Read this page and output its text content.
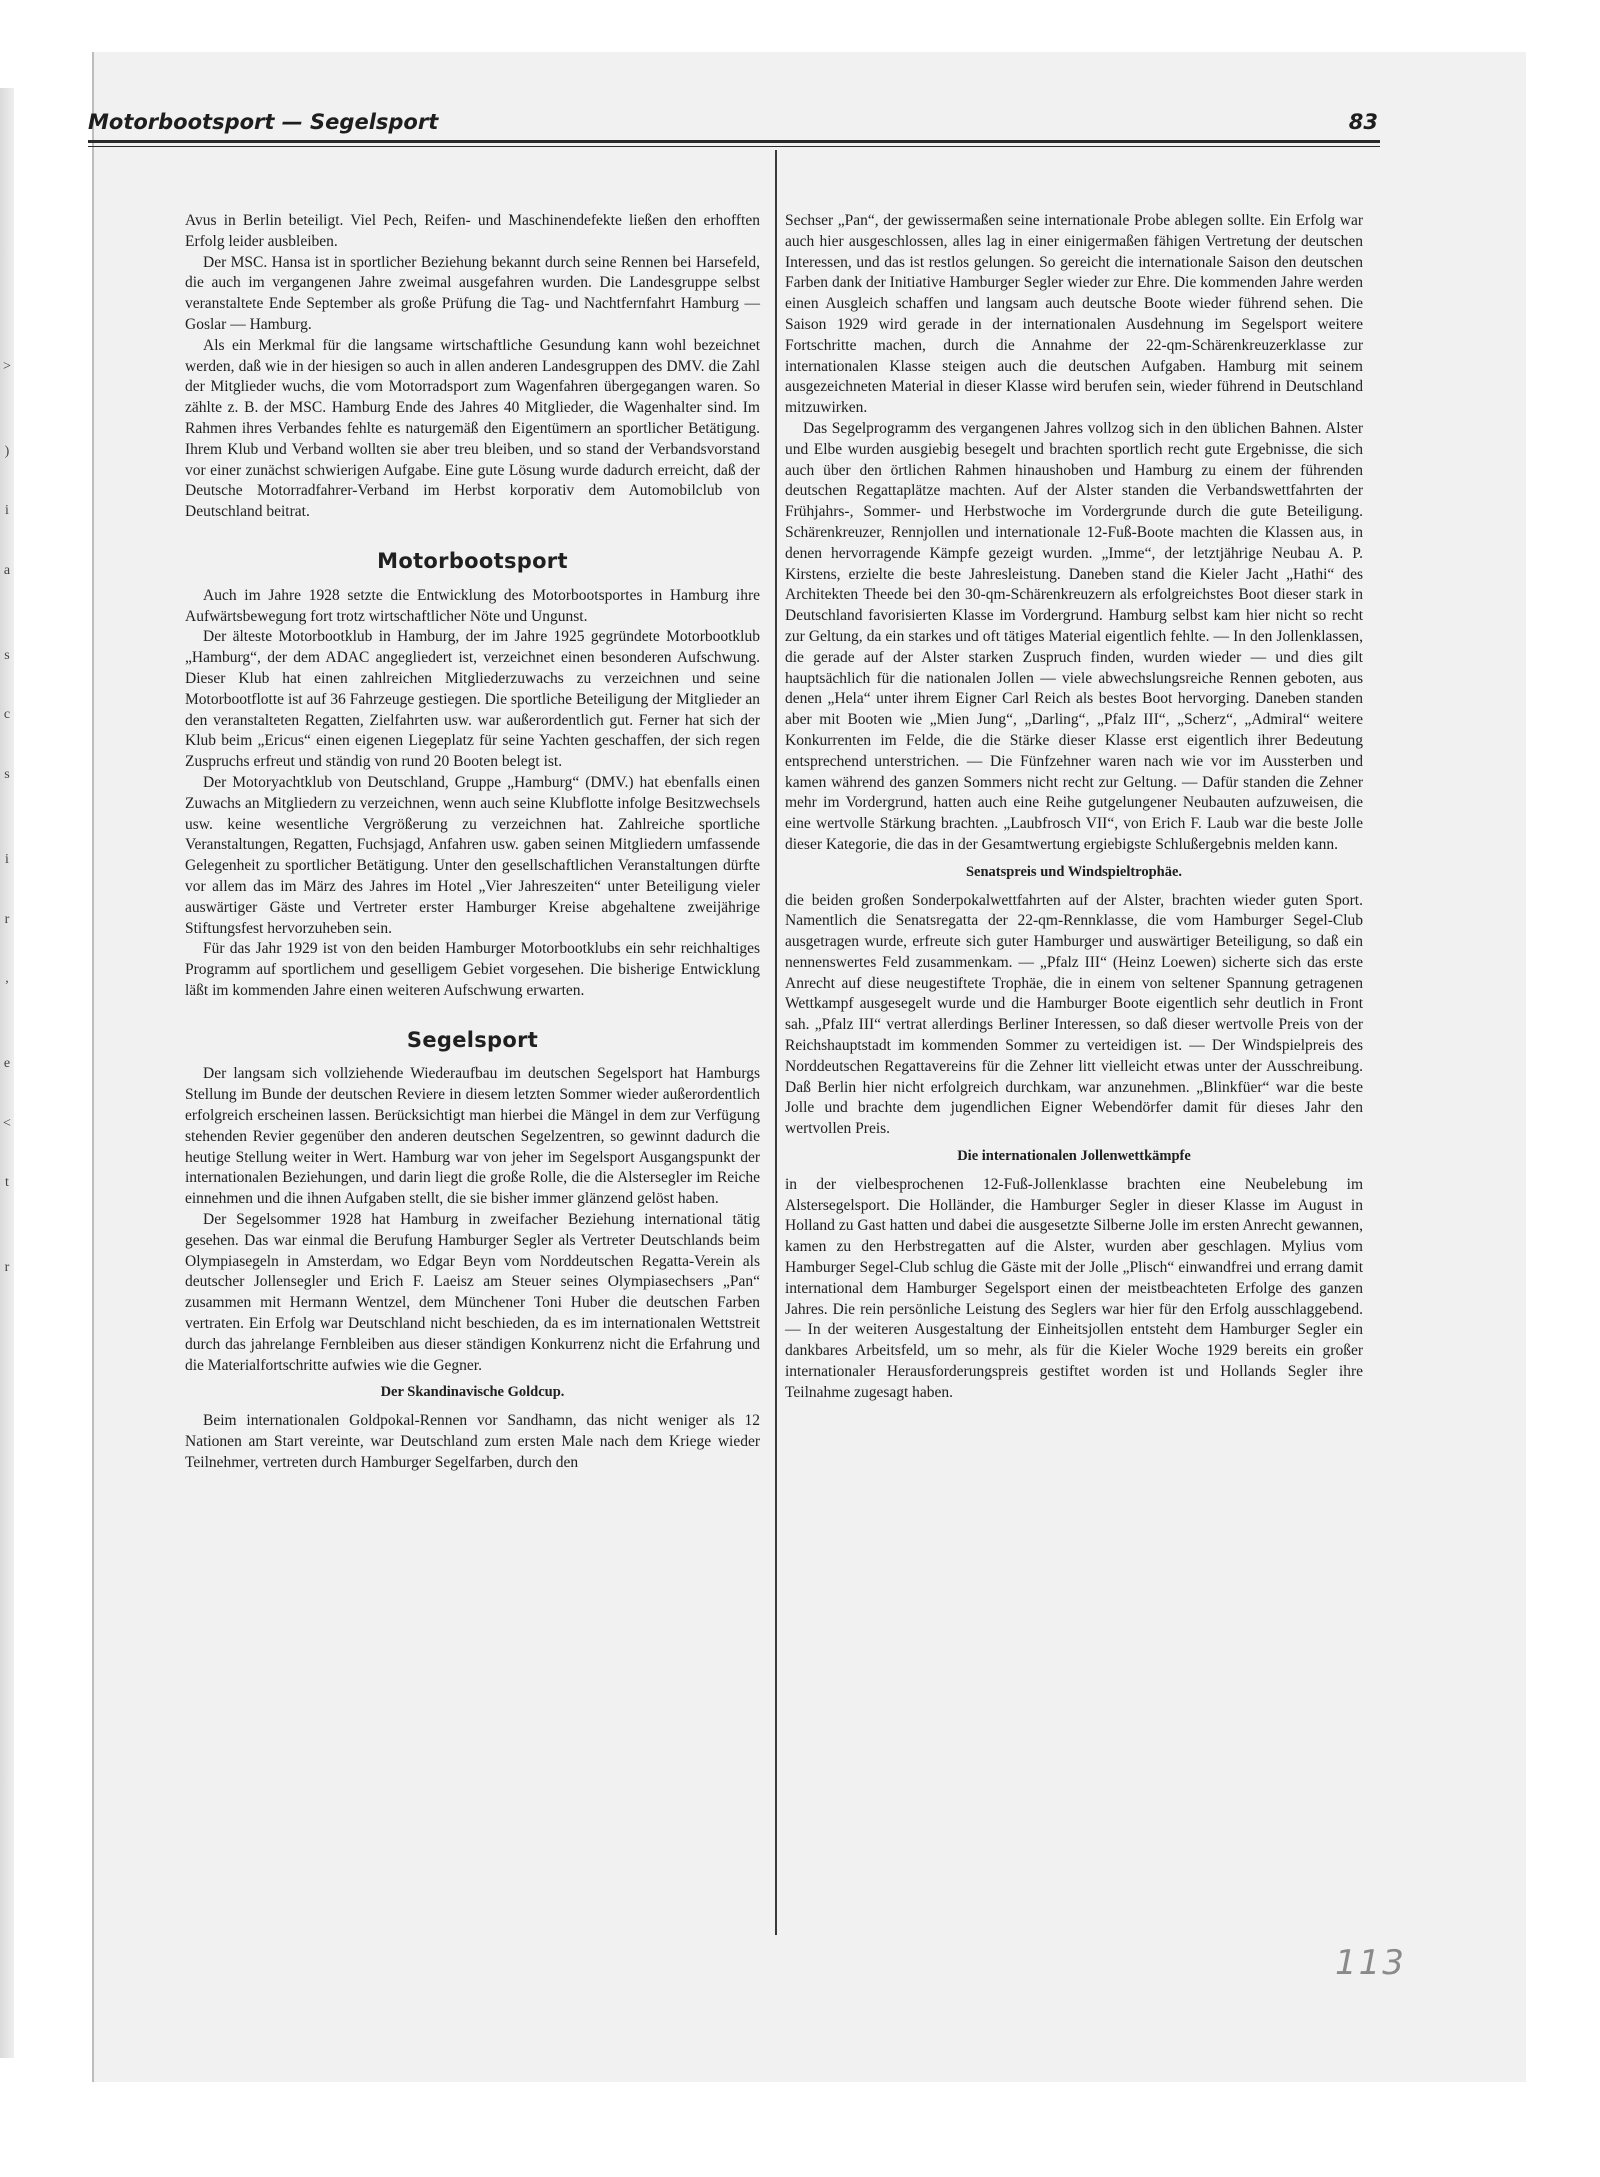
>
)
i
a
s
c
s
i
r
,
e
<
t
r
Motorbootsport — Segelsport	83

Avus in Berlin beteiligt. Viel Pech, Reifen- und Maschinendefekte ließen den erhofften Erfolg leider ausbleiben.

Der MSC. Hansa ist in sportlicher Beziehung bekannt durch seine Rennen bei Harsefeld, die auch im vergangenen Jahre zweimal ausgefahren wurden. Die Landesgruppe selbst veranstaltete Ende September als große Prüfung die Tag- und Nachtfernfahrt Hamburg — Goslar — Hamburg.

Als ein Merkmal für die langsame wirtschaftliche Gesundung kann wohl bezeichnet werden, daß wie in der hiesigen so auch in allen anderen Landesgruppen des DMV. die Zahl der Mitglieder wuchs, die vom Motorradsport zum Wagenfahren übergegangen waren. So zählte z. B. der MSC. Hamburg Ende des Jahres 40 Mitglieder, die Wagenhalter sind. Im Rahmen ihres Verbandes fehlte es naturgemäß den Eigentümern an sportlicher Betätigung. Ihrem Klub und Verband wollten sie aber treu bleiben, und so stand der Verbandsvorstand vor einer zunächst schwierigen Aufgabe. Eine gute Lösung wurde dadurch erreicht, daß der Deutsche Motorradfahrer-Verband im Herbst korporativ dem Automobilclub von Deutschland beitrat.

Motorbootsport

Auch im Jahre 1928 setzte die Entwicklung des Motorbootsportes in Hamburg ihre Aufwärtsbewegung fort trotz wirtschaftlicher Nöte und Ungunst.

Der älteste Motorbootklub in Hamburg, der im Jahre 1925 gegründete Motorbootklub „Hamburg“, der dem ADAC angegliedert ist, verzeichnet einen besonderen Aufschwung. Dieser Klub hat einen zahlreichen Mitgliederzuwachs zu verzeichnen und seine Motorbootflotte ist auf 36 Fahrzeuge gestiegen. Die sportliche Beteiligung der Mitglieder an den veranstalteten Regatten, Zielfahrten usw. war außerordentlich gut. Ferner hat sich der Klub beim „Ericus“ einen eigenen Liegeplatz für seine Yachten geschaffen, der sich regen Zuspruchs erfreut und ständig von rund 20 Booten belegt ist.

Der Motoryachtklub von Deutschland, Gruppe „Hamburg“ (DMV.) hat ebenfalls einen Zuwachs an Mitgliedern zu verzeichnen, wenn auch seine Klubflotte infolge Besitzwechsels usw. keine wesentliche Vergrößerung zu verzeichnen hat. Zahlreiche sportliche Veranstaltungen, Regatten, Fuchsjagd, Anfahren usw. gaben seinen Mitgliedern umfassende Gelegenheit zu sportlicher Betätigung. Unter den gesellschaftlichen Veranstaltungen dürfte vor allem das im März des Jahres im Hotel „Vier Jahreszeiten“ unter Beteiligung vieler auswärtiger Gäste und Vertreter erster Hamburger Kreise abgehaltene zweijährige Stiftungsfest hervorzuheben sein.

Für das Jahr 1929 ist von den beiden Hamburger Motorbootklubs ein sehr reichhaltiges Programm auf sportlichem und geselligem Gebiet vorgesehen. Die bisherige Entwicklung läßt im kommenden Jahre einen weiteren Aufschwung erwarten.

Segelsport

Der langsam sich vollziehende Wiederaufbau im deutschen Segelsport hat Hamburgs Stellung im Bunde der deutschen Reviere in diesem letzten Sommer wieder außerordentlich erfolgreich erscheinen lassen. Berücksichtigt man hierbei die Mängel in dem zur Verfügung stehenden Revier gegenüber den anderen deutschen Segelzentren, so gewinnt dadurch die heutige Stellung weiter in Wert. Hamburg war von jeher im Segelsport Ausgangspunkt der internationalen Beziehungen, und darin liegt die große Rolle, die die Alstersegler im Reiche einnehmen und die ihnen Aufgaben stellt, die sie bisher immer glänzend gelöst haben.

Der Segelsommer 1928 hat Hamburg in zweifacher Beziehung international tätig gesehen. Das war einmal die Berufung Hamburger Segler als Vertreter Deutschlands beim Olympiasegeln in Amsterdam, wo Edgar Beyn vom Norddeutschen Regatta-Verein als deutscher Jollensegler und Erich F. Laeisz am Steuer seines Olympiasechsers „Pan“ zusammen mit Hermann Wentzel, dem Münchener Toni Huber die deutschen Farben vertraten. Ein Erfolg war Deutschland nicht beschieden, da es im internationalen Wettstreit durch das jahrelange Fernbleiben aus dieser ständigen Konkurrenz nicht die Erfahrung und die Materialfortschritte aufwies wie die Gegner.

Der Skandinavische Goldcup.

Beim internationalen Goldpokal-Rennen vor Sandhamn, das nicht weniger als 12 Nationen am Start vereinte, war Deutschland zum ersten Male nach dem Kriege wieder Teilnehmer, vertreten durch Hamburger Segelfarben, durch den

Sechser „Pan“, der gewissermaßen seine internationale Probe ablegen sollte. Ein Erfolg war auch hier ausgeschlossen, alles lag in einer einigermaßen fähigen Vertretung der deutschen Interessen, und das ist restlos gelungen. So gereicht die internationale Saison den deutschen Farben dank der Initiative Hamburger Segler wieder zur Ehre. Die kommenden Jahre werden einen Ausgleich schaffen und langsam auch deutsche Boote wieder führend sehen. Die Saison 1929 wird gerade in der internationalen Ausdehnung im Segelsport weitere Fortschritte machen, durch die Annahme der 22-qm-Schärenkreuzerklasse zur internationalen Klasse steigen auch die deutschen Aufgaben. Hamburg mit seinem ausgezeichneten Material in dieser Klasse wird berufen sein, wieder führend in Deutschland mitzuwirken.

Das Segelprogramm des vergangenen Jahres vollzog sich in den üblichen Bahnen. Alster und Elbe wurden ausgiebig besegelt und brachten sportlich recht gute Ergebnisse, die sich auch über den örtlichen Rahmen hinaushoben und Hamburg zu einem der führenden deutschen Regattaplätze machten. Auf der Alster standen die Verbandswettfahrten der Frühjahrs-, Sommer- und Herbstwoche im Vordergrunde durch die gute Beteiligung. Schärenkreuzer, Rennjollen und internationale 12-Fuß-Boote machten die Klassen aus, in denen hervorragende Kämpfe gezeigt wurden. „Imme“, der letztjährige Neubau A. P. Kirstens, erzielte die beste Jahresleistung. Daneben stand die Kieler Jacht „Hathi“ des Architekten Theede bei den 30-qm-Schärenkreuzern als erfolgreichstes Boot dieser stark in Deutschland favorisierten Klasse im Vordergrund. Hamburg selbst kam hier nicht so recht zur Geltung, da ein starkes und oft tätiges Material eigentlich fehlte. — In den Jollenklassen, die gerade auf der Alster starken Zuspruch finden, wurden wieder — und dies gilt hauptsächlich für die nationalen Jollen — viele abwechslungsreiche Rennen geboten, aus denen „Hela“ unter ihrem Eigner Carl Reich als bestes Boot hervorging. Daneben standen aber mit Booten wie „Mien Jung“, „Darling“, „Pfalz III“, „Scherz“, „Admiral“ weitere Konkurrenten im Felde, die die Stärke dieser Klasse erst eigentlich ihrer Bedeutung entsprechend unterstrichen. — Die Fünfzehner waren nach wie vor im Aussterben und kamen während des ganzen Sommers nicht recht zur Geltung. — Dafür standen die Zehner mehr im Vordergrund, hatten auch eine Reihe gutgelungener Neubauten aufzuweisen, die eine wertvolle Stärkung brachten. „Laubfrosch VII“, von Erich F. Laub war die beste Jolle dieser Kategorie, die das in der Gesamtwertung ergiebigste Schlußergebnis melden kann.

Senatspreis und Windspieltrophäe.

die beiden großen Sonderpokalwettfahrten auf der Alster, brachten wieder guten Sport. Namentlich die Senatsregatta der 22-qm-Rennklasse, die vom Hamburger Segel-Club ausgetragen wurde, erfreute sich guter Hamburger und auswärtiger Beteiligung, so daß ein nennenswertes Feld zusammenkam. — „Pfalz III“ (Heinz Loewen) sicherte sich das erste Anrecht auf diese neugestiftete Trophäe, die in einem von seltener Spannung getragenen Wettkampf ausgesegelt wurde und die Hamburger Boote eigentlich sehr deutlich in Front sah. „Pfalz III“ vertrat allerdings Berliner Interessen, so daß dieser wertvolle Preis von der Reichshauptstadt im kommenden Sommer zu verteidigen ist. — Der Windspielpreis des Norddeutschen Regattavereins für die Zehner litt vielleicht etwas unter der Ausschreibung. Daß Berlin hier nicht erfolgreich durchkam, war anzunehmen. „Blinkfüer“ war die beste Jolle und brachte dem jugendlichen Eigner Webendörfer damit für dieses Jahr den wertvollen Preis.

Die internationalen Jollenwettkämpfe

in der vielbesprochenen 12-Fuß-Jollenklasse brachten eine Neubelebung im Alstersegelsport. Die Holländer, die Hamburger Segler in dieser Klasse im August in Holland zu Gast hatten und dabei die ausgesetzte Silberne Jolle im ersten Anrecht gewannen, kamen zu den Herbstregatten auf die Alster, wurden aber geschlagen. Mylius vom Hamburger Segel-Club schlug die Gäste mit der Jolle „Plisch“ einwandfrei und errang damit international dem Hamburger Segelsport einen der meistbeachteten Erfolge des ganzen Jahres. Die rein persönliche Leistung des Seglers war hier für den Erfolg ausschlaggebend. — In der weiteren Ausgestaltung der Einheitsjollen entsteht dem Hamburger Segler ein dankbares Arbeitsfeld, um so mehr, als für die Kieler Woche 1929 bereits ein großer internationaler Herausforderungspreis gestiftet worden ist und Hollands Segler ihre Teilnahme zugesagt haben.

113
